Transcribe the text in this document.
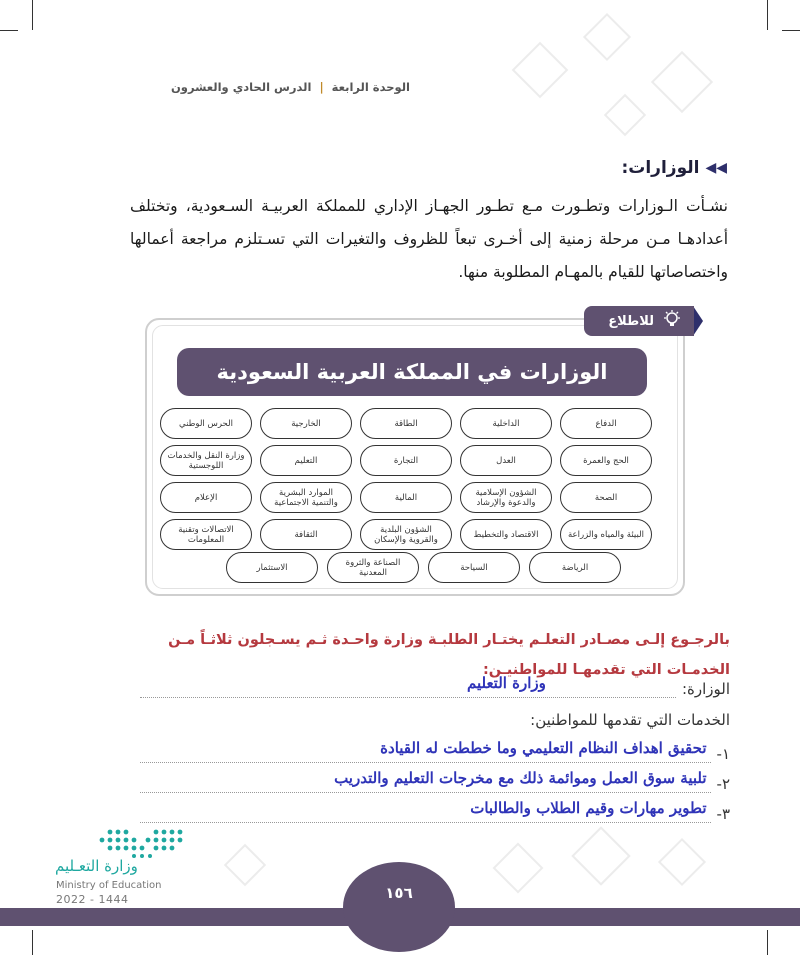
الوحدة الرابعة | الدرس الحادي والعشرون
◀◀
الوزارات:
نشـأت الـوزارات وتطـورت مـع تطـور الجهـاز الإداري للمملكة العربيـة السـعودية، وتختلف أعدادهـا مـن مرحلة زمنية إلى أخـرى تبعاً للظروف والتغيرات التي تسـتلزم مراجعة أعمالها واختصاصاتها للقيام بالمهـام المطلوبة منها.
للاطلاع
الوزارات في المملكة العربية السعودية
الدفاع
الداخلية
الطاقة
الخارجية
الحرس الوطني
الحج والعمرة
العدل
التجارة
التعليم
وزارة النقل والخدمات اللوجستية
الصحة
الشؤون الإسلامية والدعوة والإرشاد
المالية
الموارد البشرية والتنمية الاجتماعية
الإعلام
البيئة والمياه والزراعة
الاقتصاد والتخطيط
الشؤون البلدية والقروية والإسكان
الثقافة
الاتصالات وتقنية المعلومات
الرياضة
السياحة
الصناعة والثروة المعدنية
الاستثمار
بالرجـوع إلـى مصـادر التعلـم يختـار الطلبـة وزارة واحـدة ثـم يسـجلون ثلاثـاً مـن الخدمـات التي تقدمهـا للمواطنيـن:
الوزارة:
وزارة التعليم
الخدمات التي تقدمها للمواطنين:
١-
تحقيق اهداف النظام التعليمي وما خططت له القيادة
٢-
تلبية سوق العمل وموائمة ذلك مع مخرجات التعليم والتدريب
٣-
تطوير مهارات وقيم الطلاب والطالبات
وزارة التعـليم
Ministry of Education
2022 - 1444	١٥٦
